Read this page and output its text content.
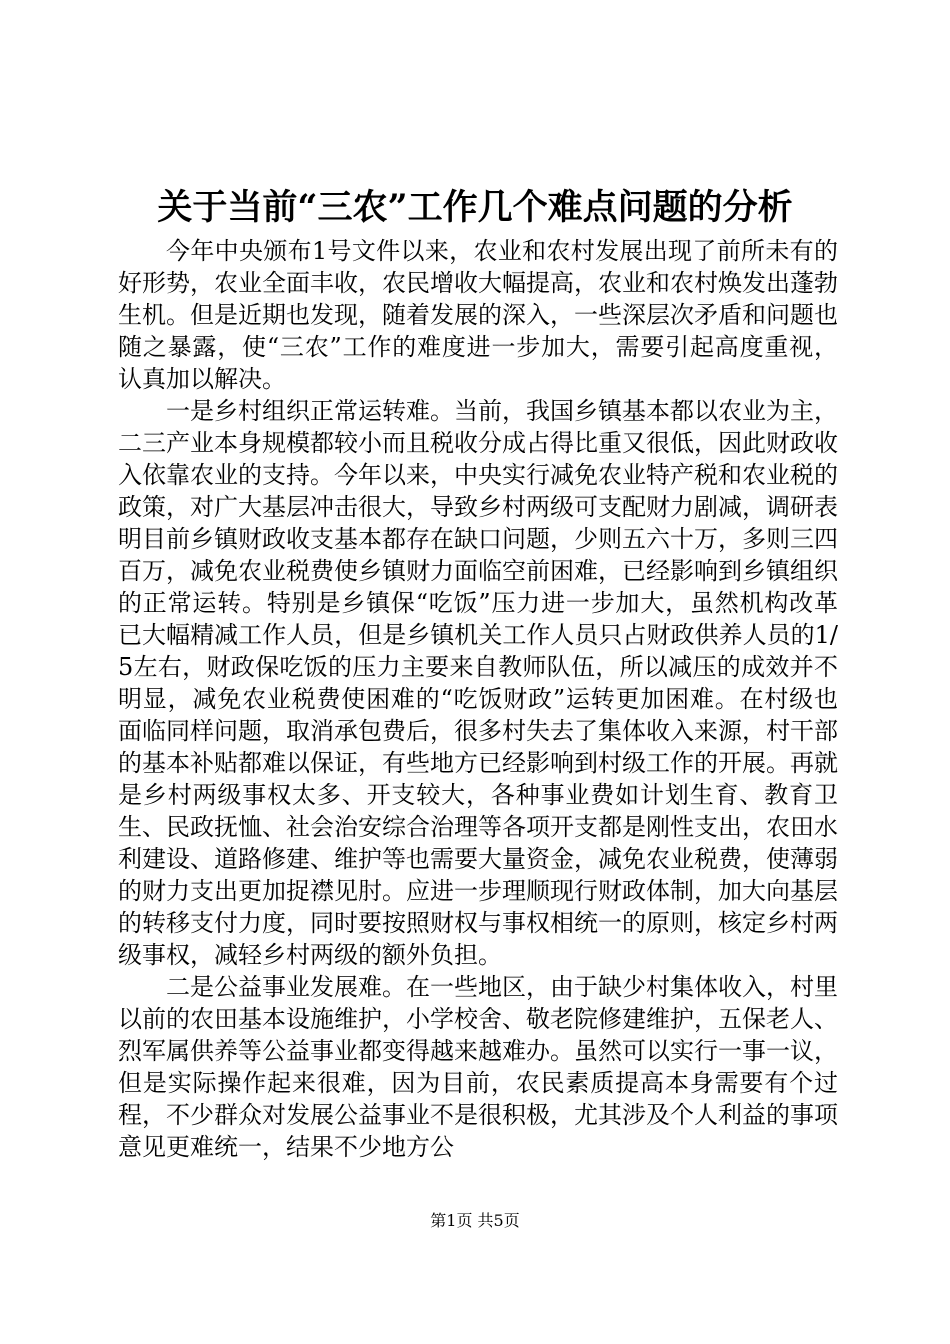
关于当前“三农”工作几个难点问题的分析

今年中央颁布1号文件以来，农业和农村发展出现了前所未有的好形势，农业全面丰收，农民增收大幅提高，农业和农村焕发出蓬勃生机。但是近期也发现，随着发展的深入，一些深层次矛盾和问题也随之暴露，使“三农”工作的难度进一步加大，需要引起高度重视，认真加以解决。

一是乡村组织正常运转难。当前，我国乡镇基本都以农业为主，二三产业本身规模都较小而且税收分成占得比重又很低，因此财政收入依靠农业的支持。今年以来，中央实行减免农业特产税和农业税的政策，对广大基层冲击很大，导致乡村两级可支配财力剧减，调研表明目前乡镇财政收支基本都存在缺口问题，少则五六十万，多则三四百万，减免农业税费使乡镇财力面临空前困难，已经影响到乡镇组织的正常运转。特别是乡镇保“吃饭”压力进一步加大，虽然机构改革已大幅精减工作人员，但是乡镇机关工作人员只占财政供养人员的1/5左右，财政保吃饭的压力主要来自教师队伍，所以减压的成效并不明显，减免农业税费使困难的“吃饭财政”运转更加困难。在村级也面临同样问题，取消承包费后，很多村失去了集体收入来源，村干部的基本补贴都难以保证，有些地方已经影响到村级工作的开展。再就是乡村两级事权太多、开支较大，各种事业费如计划生育、教育卫生、民政抚恤、社会治安综合治理等各项开支都是刚性支出，农田水利建设、道路修建、维护等也需要大量资金，减免农业税费，使薄弱的财力支出更加捉襟见肘。应进一步理顺现行财政体制，加大向基层的转移支付力度，同时要按照财权与事权相统一的原则，核定乡村两级事权，减轻乡村两级的额外负担。

二是公益事业发展难。在一些地区，由于缺少村集体收入，村里以前的农田基本设施维护，小学校舍、敬老院修建维护，五保老人、烈军属供养等公益事业都变得越来越难办。虽然可以实行一事一议，但是实际操作起来很难，因为目前，农民素质提高本身需要有个过程，不少群众对发展公益事业不是很积极，尤其涉及个人利益的事项意见更难统一，结果不少地方公

第1页 共5页
